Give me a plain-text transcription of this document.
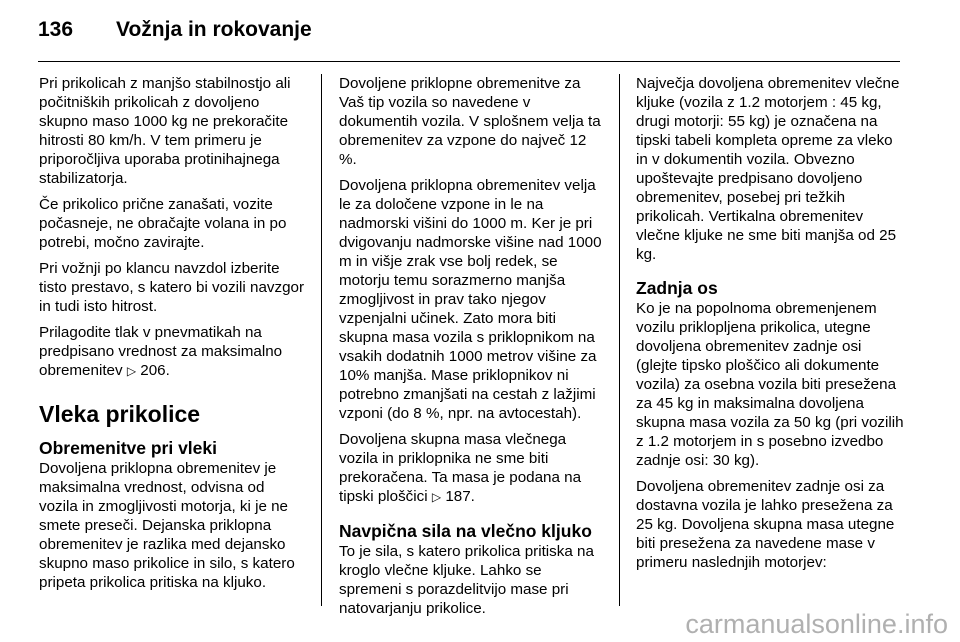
136 Vožnja in rokovanje

Pri prikolicah z manjšo stabilnostjo ali počitniških prikolicah z dovoljeno skupno maso 1000 kg ne prekoračite hitrosti 80 km/h. V tem primeru je priporočljiva uporaba protinihajnega stabilizatorja.

Če prikolico prične zanašati, vozite počasneje, ne obračajte volana in po potrebi, močno zavirajte.

Pri vožnji po klancu navzdol izberite tisto prestavo, s katero bi vozili navzgor in tudi isto hitrost.

Prilagodite tlak v pnevmatikah na predpisano vrednost za maksimalno obremenitev ▷ 206.

Vleka prikolice
Obremenitve pri vleki

Dovoljena priklopna obremenitev je maksimalna vrednost, odvisna od vozila in zmogljivosti motorja, ki je ne smete preseči. Dejanska priklopna obremenitev je razlika med dejansko skupno maso prikolice in silo, s katero pripeta prikolica pritiska na kljuko.

Dovoljene priklopne obremenitve za Vaš tip vozila so navedene v dokumentih vozila. V splošnem velja ta obremenitev za vzpone do največ 12 %.

Dovoljena priklopna obremenitev velja le za določene vzpone in le na nadmorski višini do 1000 m. Ker je pri dvigovanju nadmorske višine nad 1000 m in višje zrak vse bolj redek, se motorju temu sorazmerno manjša zmogljivost in prav tako njegov vzpenjalni učinek. Zato mora biti skupna masa vozila s priklopnikom na vsakih dodatnih 1000 metrov višine za 10% manjša. Mase priklopnikov ni potrebno zmanjšati na cestah z lažjimi vzponi (do 8 %, npr. na avtocestah).

Dovoljena skupna masa vlečnega vozila in priklopnika ne sme biti prekoračena. Ta masa je podana na tipski ploščici ▷ 187.

Navpična sila na vlečno kljuko

To je sila, s katero prikolica pritiska na kroglo vlečne kljuke. Lahko se spremeni s porazdelitvijo mase pri natovarjanju prikolice.

Največja dovoljena obremenitev vlečne kljuke (vozila z 1.2 motorjem : 45 kg, drugi motorji: 55 kg) je označena na tipski tabeli kompleta opreme za vleko in v dokumentih vozila. Obvezno upoštevajte predpisano dovoljeno obremenitev, posebej pri težkih prikolicah. Vertikalna obremenitev vlečne kljuke ne sme biti manjša od 25 kg.

Zadnja os

Ko je na popolnoma obremenjenem vozilu priklopljena prikolica, utegne dovoljena obremenitev zadnje osi (glejte tipsko ploščico ali dokumente vozila) za osebna vozila biti presežena za 45 kg in maksimalna dovoljena skupna masa vozila za 50 kg (pri vozilih z 1.2 motorjem in s posebno izvedbo zadnje osi: 30 kg).

Dovoljena obremenitev zadnje osi za dostavna vozila je lahko presežena za 25 kg. Dovoljena skupna masa utegne biti presežena za navedene mase v primeru naslednjih motorjev:

carmanualsonline.info
